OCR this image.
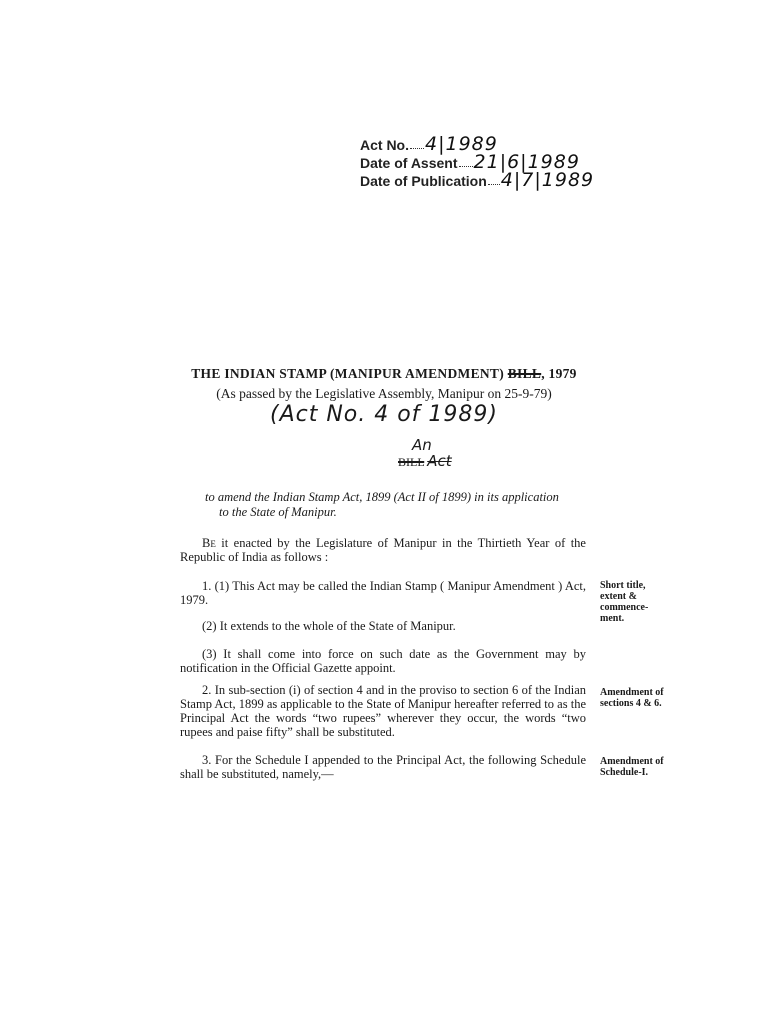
Act No. 4|1989
Date of Assent 21|6|1989
Date of Publication 4|7|1989
THE INDIAN STAMP (MANIPUR AMENDMENT) BILL, 1979
(As passed by the Legislative Assembly, Manipur on 25-9-79)
(Act No. 4 of 1989)
An
BILL Act
to amend the Indian Stamp Act, 1899 (Act II of 1899) in its application
to the State of Manipur.
Be it enacted by the Legislature of Manipur in the Thirtieth Year of the Republic of India as follows :
1. (1) This Act may be called the Indian Stamp ( Manipur Amendment ) Act, 1979.
Short title, extent & commence-ment.
(2) It extends to the whole of the State of Manipur.
(3) It shall come into force on such date as the Government may by notification in the Official Gazette appoint.
2. In sub-section (i) of section 4 and in the proviso to section 6 of the Indian Stamp Act, 1899 as applicable to the State of Manipur hereafter referred to as the Principal Act the words “two rupees” wherever they occur, the words “two rupees and paise fifty” shall be substituted.
Amendment of sections 4 & 6.
3. For the Schedule I appended to the Principal Act, the following Schedule shall be substituted, namely,—
Amendment of Schedule-I.
